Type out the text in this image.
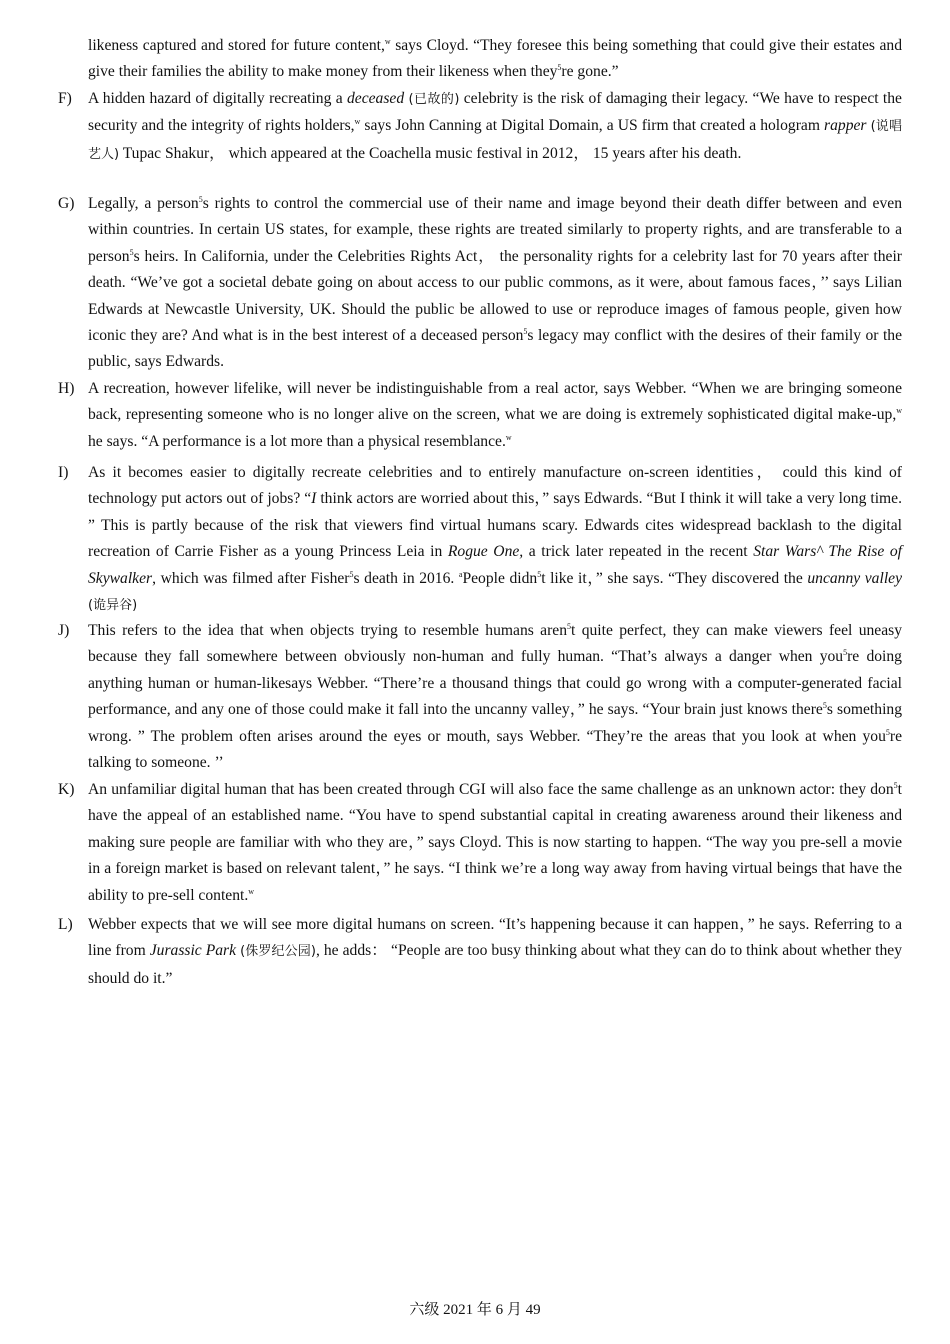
likeness captured and stored for future content,$^w$ says Cloyd. “They foresee this being something that could give their estates and give their families the ability to make money from their likeness when they$^5$re gone.”
F)	A hidden hazard of digitally recreating a deceased (已故的) celebrity is the risk of damaging their legacy. “We have to respect the security and the integrity of rights holders,$^w$ says John Canning at Digital Domain, a US firm that created a hologram rapper (说唱艺人) Tupac Shakur， which appeared at the Coachella music festival in 2012， 15 years after his death.
G) Legally, a person$^5$s rights to control the commercial use of their name and image beyond their death differ between and even within countries. In certain US states, for example, these rights are treated similarly to property rights, and are transferable to a person$^5$s heirs. In California, under the Celebrities Rights Act， the personality rights for a celebrity last for 70 years after their death. “We’ve got a societal debate going on about access to our public commons, as it were, about famous faces，’’ says Lilian Edwards at Newcastle University, UK. Should the public be allowed to use or reproduce images of famous people, given how iconic they are? And what is in the best interest of a deceased person$^5$s legacy may conflict with the desires of their family or the public, says Edwards.
H) A recreation, however lifelike, will never be indistinguishable from a real actor, says Webber. “When we are bringing someone back, representing someone who is no longer alive on the screen, what we are doing is extremely sophisticated digital make-up,$^w$ he says. “A performance is a lot more than a physical resemblance.$^w$
I)	As it becomes easier to digitally recreate celebrities and to entirely manufacture on-screen identities， could this kind of technology put actors out of jobs? “I think actors are worried about this，” says Edwards. “But I think it will take a very long time. ” This is partly because of the risk that viewers find virtual humans scary. Edwards cites widespread backlash to the digital recreation of Carrie Fisher as a young Princess Leia in Rogue One, a trick later repeated in the recent Star Wars^ The Rise of Skywalker, which was filmed after Fisher$^5$s death in 2016. $^a$People didn$^5$t like it，” she says. “They discovered the uncanny valley (诡异谷)
J)	This refers to the idea that when objects trying to resemble humans aren$^5$t quite perfect, they can make viewers feel uneasy because they fall somewhere between obviously non-human and fully human. “That’s always a danger when you$^5$re doing anything human or human-likesays Webber. “There’re a thousand things that could go wrong with a computer-generated facial performance, and any one of those could make it fall into the uncanny valley，” he says. “Your brain just knows there$^5$s something wrong. ” The problem often arises around the eyes or mouth, says Webber. “They’re the areas that you look at when you$^5$re talking to someone. ’’
K) An unfamiliar digital human that has been created through CGI will also face the same challenge as an unknown actor: they don$^5$t have the appeal of an established name. “You have to spend substantial capital in creating awareness around their likeness and making sure people are familiar with who they are，” says Cloyd. This is now starting to happen. “The way you pre-sell a movie in a foreign market is based on relevant talent，” he says. “I think we’re a long way away from having virtual beings that have the ability to pre-sell content.$^w$
L) Webber expects that we will see more digital humans on screen. “It’s happening because it can happen，” he says. Referring to a line from Jurassic Park (侏罗纪公园), he adds： “People are too busy thinking about what they can do to think about whether they should do it.”
六级 2021 年 6 月 49
